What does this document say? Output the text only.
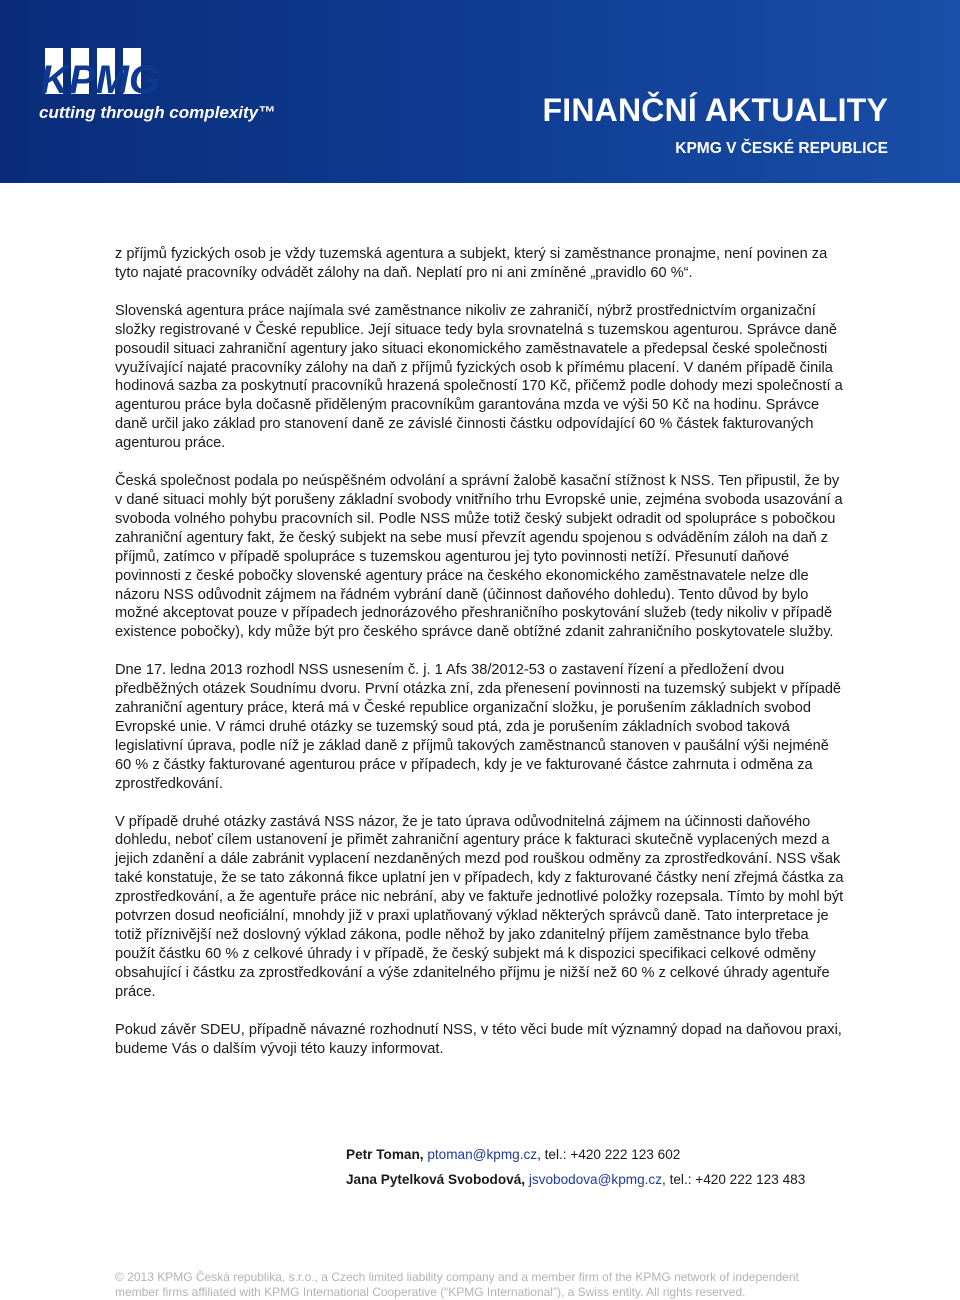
KPMG
cutting through complexity™	FINANČNÍ AKTUALITY
KPMG V ČESKÉ REPUBLICE

z příjmů fyzických osob je vždy tuzemská agentura a subjekt, který si zaměstnance pronajme, není povinen za tyto najaté pracovníky odvádět zálohy na daň. Neplatí pro ni ani zmíněné „pravidlo 60 %“.

Slovenská agentura práce najímala své zaměstnance nikoliv ze zahraničí, nýbrž prostřednictvím organizační složky registrované v České republice. Její situace tedy byla srovnatelná s tuzemskou agenturou. Správce daně posoudil situaci zahraniční agentury jako situaci ekonomického zaměstnavatele a předepsal české společnosti využívající najaté pracovníky zálohy na daň z příjmů fyzických osob k přímému placení. V daném případě činila hodinová sazba za poskytnutí pracovníků hrazená společností 170 Kč, přičemž podle dohody mezi společností a agenturou práce byla dočasně přiděleným pracovníkům garantována mzda ve výši 50 Kč na hodinu. Správce daně určil jako základ pro stanovení daně ze závislé činnosti částku odpovídající 60 % částek fakturovaných agenturou práce.

Česká společnost podala po neúspěšném odvolání a správní žalobě kasační stížnost k NSS. Ten připustil, že by v dané situaci mohly být porušeny základní svobody vnitřního trhu Evropské unie, zejména svoboda usazování a svoboda volného pohybu pracovních sil. Podle NSS může totiž český subjekt odradit od spolupráce s pobočkou zahraniční agentury fakt, že český subjekt na sebe musí převzít agendu spojenou s odváděním záloh na daň z příjmů, zatímco v případě spolupráce s tuzemskou agenturou jej tyto povinnosti netíží. Přesunutí daňové povinnosti z české pobočky slovenské agentury práce na českého ekonomického zaměstnavatele nelze dle názoru NSS odůvodnit zájmem na řádném vybrání daně (účinnost daňového dohledu). Tento důvod by bylo možné akceptovat pouze v případech jednorázového přeshraničního poskytování služeb (tedy nikoliv v případě existence pobočky), kdy může být pro českého správce daně obtížné zdanit zahraničního poskytovatele služby.

Dne 17. ledna 2013 rozhodl NSS usnesením č. j. 1 Afs 38/2012-53 o zastavení řízení a předložení dvou předběžných otázek Soudnímu dvoru. První otázka zní, zda přenesení povinnosti na tuzemský subjekt v případě zahraniční agentury práce, která má v České republice organizační složku, je porušením základních svobod Evropské unie. V rámci druhé otázky se tuzemský soud ptá, zda je porušením základních svobod taková legislativní úprava, podle níž je základ daně z příjmů takových zaměstnanců stanoven v paušální výši nejméně 60 % z částky fakturované agenturou práce v případech, kdy je ve fakturované částce zahrnuta i odměna za zprostředkování.

V případě druhé otázky zastává NSS názor, že je tato úprava odůvodnitelná zájmem na účinnosti daňového dohledu, neboť cílem ustanovení je přimět zahraniční agentury práce k fakturaci skutečně vyplacených mezd a jejich zdanění a dále zabránit vyplacení nezdaněných mezd pod rouškou odměny za zprostředkování. NSS však také konstatuje, že se tato zákonná fikce uplatní jen v případech, kdy z fakturované částky není zřejmá částka za zprostředkování, a že agentuře práce nic nebrání, aby ve faktuře jednotlivé položky rozepsala. Tímto by mohl být potvrzen dosud neoficiální, mnohdy již v praxi uplatňovaný výklad některých správců daně. Tato interpretace je totiž příznivější než doslovný výklad zákona, podle něhož by jako zdanitelný příjem zaměstnance bylo třeba použít částku 60 % z celkové úhrady i v případě, že český subjekt má k dispozici specifikaci celkové odměny obsahující i částku za zprostředkování a výše zdanitelného příjmu je nižší než 60 % z celkové úhrady agentuře práce.

Pokud závěr SDEU, případně návazné rozhodnutí NSS, v této věci bude mít významný dopad na daňovou praxi, budeme Vás o dalším vývoji této kauzy informovat.

Petr Toman, ptoman@kpmg.cz, tel.: +420 222 123 602
Jana Pytelková Svobodová, jsvobodova@kpmg.cz, tel.: +420 222 123 483
© 2013 KPMG Česká republika, s.r.o., a Czech limited liability company and a member firm of the KPMG network of independent member firms affiliated with KPMG International Cooperative (“KPMG International”), a Swiss entity. All rights reserved.
